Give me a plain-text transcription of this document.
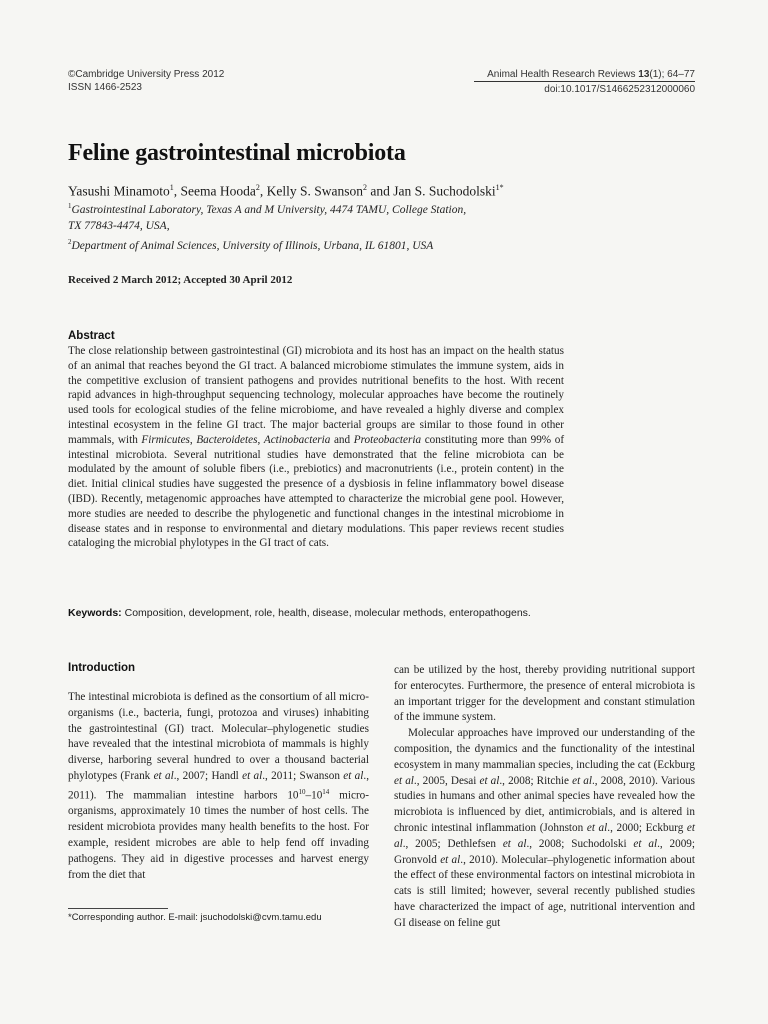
©Cambridge University Press 2012
ISSN 1466-2523
Animal Health Research Reviews 13(1); 64–77
doi:10.1017/S1466252312000060
Feline gastrointestinal microbiota
Yasushi Minamoto$^1$, Seema Hooda$^2$, Kelly S. Swanson$^2$ and Jan S. Suchodolski$^{1*}$
$^1$Gastrointestinal Laboratory, Texas A and M University, 4474 TAMU, College Station,
TX 77843-4474, USA,
$^2$Department of Animal Sciences, University of Illinois, Urbana, IL 61801, USA
Received 2 March 2012; Accepted 30 April 2012
Abstract
The close relationship between gastrointestinal (GI) microbiota and its host has an impact on the health status of an animal that reaches beyond the GI tract. A balanced microbiome stimulates the immune system, aids in the competitive exclusion of transient pathogens and provides nutritional benefits to the host. With recent rapid advances in high-throughput sequencing technology, molecular approaches have become the routinely used tools for ecological studies of the feline microbiome, and have revealed a highly diverse and complex intestinal ecosystem in the feline GI tract. The major bacterial groups are similar to those found in other mammals, with Firmicutes, Bacteroidetes, Actinobacteria and Proteobacteria constituting more than 99% of intestinal microbiota. Several nutritional studies have demonstrated that the feline microbiota can be modulated by the amount of soluble fibers (i.e., prebiotics) and macronutrients (i.e., protein content) in the diet. Initial clinical studies have suggested the presence of a dysbiosis in feline inflammatory bowel disease (IBD). Recently, metagenomic approaches have attempted to characterize the microbial gene pool. However, more studies are needed to describe the phylogenetic and functional changes in the intestinal microbiome in disease states and in response to environmental and dietary modulations. This paper reviews recent studies cataloging the microbial phylotypes in the GI tract of cats.
Keywords: Composition, development, role, health, disease, molecular methods, enteropathogens.
Introduction

The intestinal microbiota is defined as the consortium of all micro-organisms (i.e., bacteria, fungi, protozoa and viruses) inhabiting the gastrointestinal (GI) tract. Molecular–phylogenetic studies have revealed that the intestinal microbiota of mammals is highly diverse, harboring several hundred to over a thousand bacterial phylotypes (Frank et al., 2007; Handl et al., 2011; Swanson et al., 2011). The mammalian intestine harbors $10^{10}-10^{14}$ micro-organisms, approximately 10 times the number of host cells. The resident microbiota provides many health benefits to the host. For example, resident microbes are able to help fend off invading pathogens. They aid in digestive processes and harvest energy from the diet that

can be utilized by the host, thereby providing nutritional support for enterocytes. Furthermore, the presence of enteral microbiota is an important trigger for the development and constant stimulation of the immune system.

Molecular approaches have improved our understanding of the composition, the dynamics and the functionality of the intestinal ecosystem in many mammalian species, including the cat (Eckburg et al., 2005, Desai et al., 2008; Ritchie et al., 2008, 2010). Various studies in humans and other animal species have revealed how the microbiota is influenced by diet, antimicrobials, and is altered in chronic intestinal inflammation (Johnston et al., 2000; Eckburg et al., 2005; Dethlefsen et al., 2008; Suchodolski et al., 2009; Gronvold et al., 2010). Molecular–phylogenetic information about the effect of these environmental factors on intestinal microbiota in cats is still limited; however, several recently published studies have characterized the impact of age, nutritional intervention and GI disease on feline gut

*Corresponding author. E-mail: jsuchodolski@cvm.tamu.edu
